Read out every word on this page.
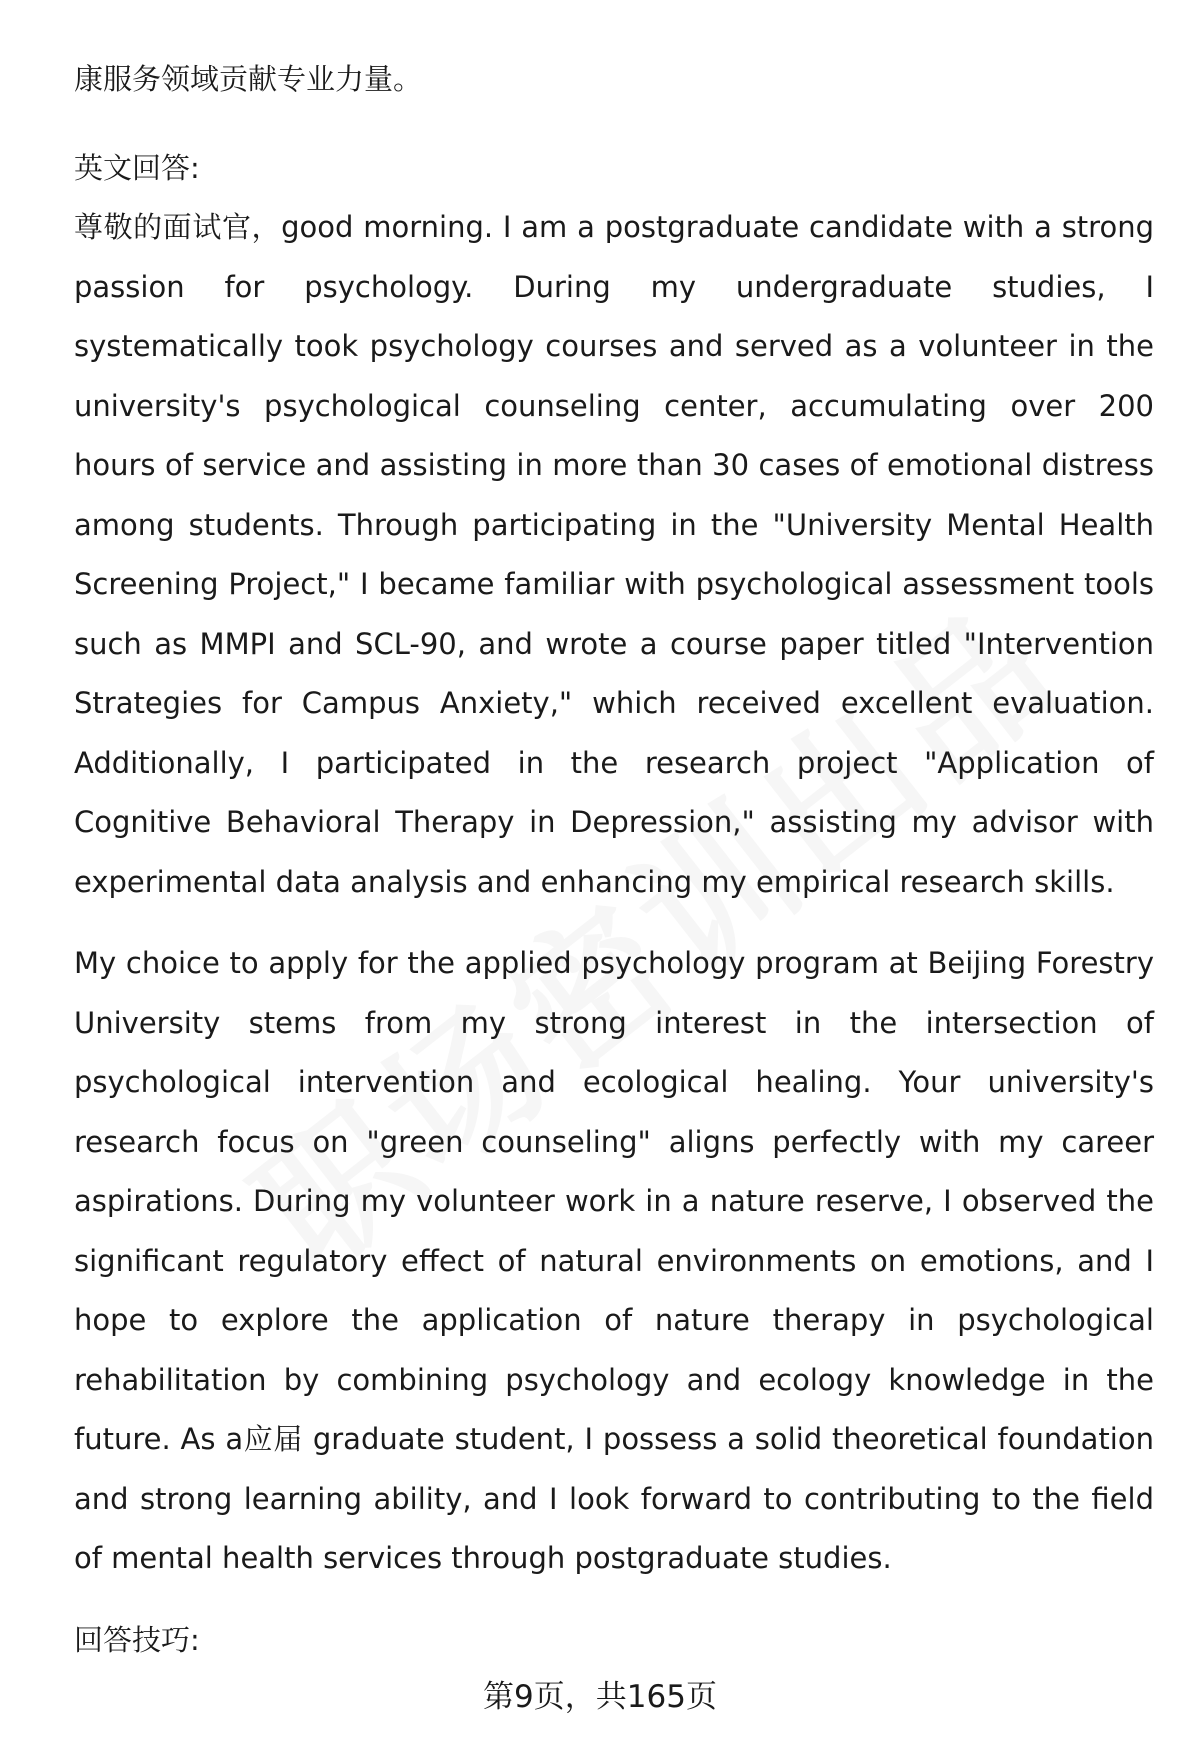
康服务领域贡献专业力量。

英文回答:

尊敬的面试官，good morning. I am a postgraduate candidate with a strong passion for psychology. During my undergraduate studies, I systematically took psychology courses and served as a volunteer in the university's psychological counseling center, accumulating over 200 hours of service and assisting in more than 30 cases of emotional distress among students. Through participating in the "University Mental Health Screening Project," I became familiar with psychological assessment tools such as MMPI and SCL-90, and wrote a course paper titled "Intervention Strategies for Campus Anxiety," which received excellent evaluation. Additionally, I participated in the research project "Application of Cognitive Behavioral Therapy in Depression," assisting my advisor with experimental data analysis and enhancing my empirical research skills.

My choice to apply for the applied psychology program at Beijing Forestry University stems from my strong interest in the intersection of psychological intervention and ecological healing. Your university's research focus on "green counseling" aligns perfectly with my career aspirations. During my volunteer work in a nature reserve, I observed the significant regulatory effect of natural environments on emotions, and I hope to explore the application of nature therapy in psychological rehabilitation by combining psychology and ecology knowledge in the future. As a应届 graduate student, I possess a solid theoretical foundation and strong learning ability, and I look forward to contributing to the field of mental health services through postgraduate studies.

回答技巧:

第9页，共165页
